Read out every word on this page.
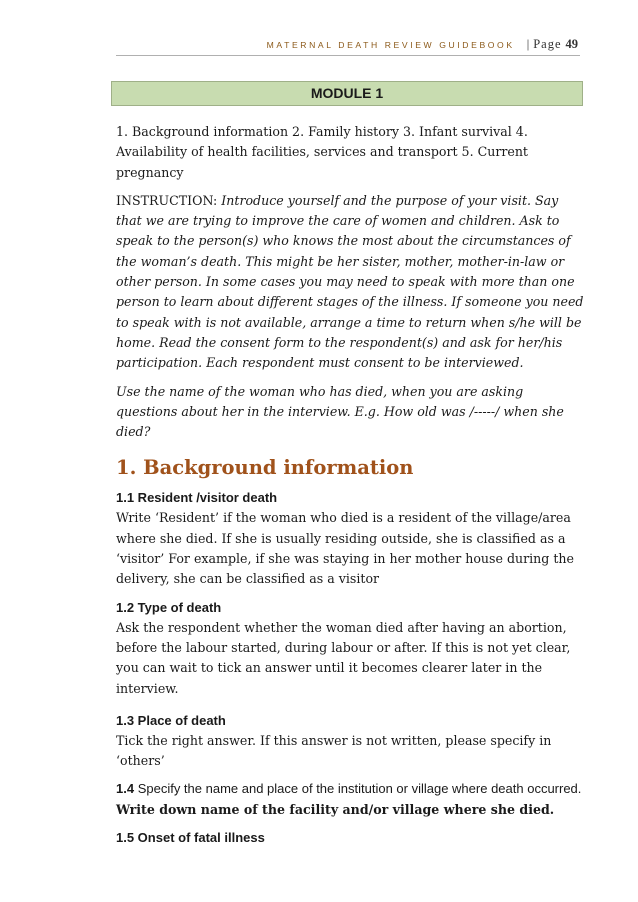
MATERNAL DEATH REVIEW GUIDEBOOK | Page 49
MODULE 1

1. Background information 2. Family history 3. Infant survival 4. Availability of health facilities, services and transport 5. Current pregnancy

INSTRUCTION: Introduce yourself and the purpose of your visit. Say that we are trying to improve the care of women and children. Ask to speak to the person(s) who knows the most about the circumstances of the woman’s death. This might be her sister, mother, mother-in-law or other person. In some cases you may need to speak with more than one person to learn about different stages of the illness. If someone you need to speak with is not available, arrange a time to return when s/he will be home. Read the consent form to the respondent(s) and ask for her/his participation. Each respondent must consent to be interviewed.

Use the name of the woman who has died, when you are asking questions about her in the interview. E.g. How old was /-----/ when she died?

1. Background information

1.1 Resident /visitor death

Write ‘Resident’ if the woman who died is a resident of the village/area where she died. If she is usually residing outside, she is classified as a ‘visitor’ For example, if she was staying in her mother house during the delivery, she can be classified as a visitor

1.2 Type of death

Ask the respondent whether the woman died after having an abortion, before the labour started, during labour or after. If this is not yet clear, you can wait to tick an answer until it becomes clearer later in the interview.

1.3 Place of death

Tick the right answer. If this answer is not written, please specify in ‘others’

1.4 Specify the name and place of the institution or village where death occurred. Write down name of the facility and/or village where she died.

1.5 Onset of fatal illness
